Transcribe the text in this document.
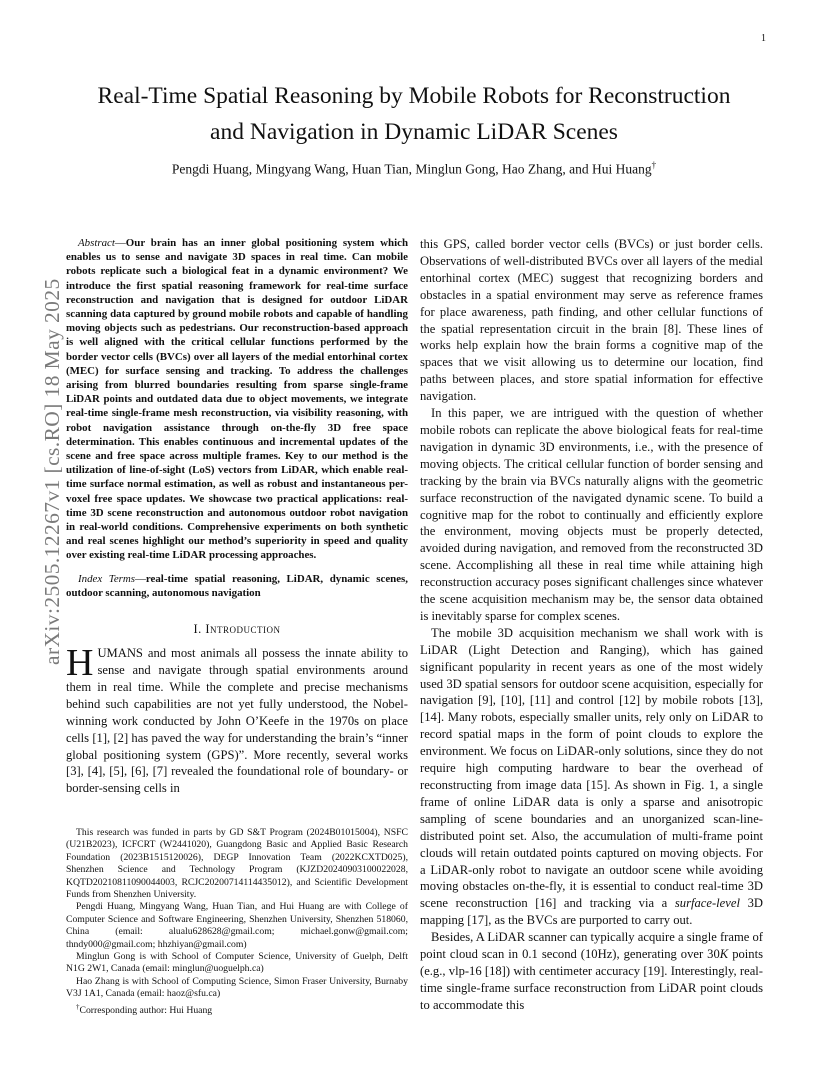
1
arXiv:2505.12267v1 [cs.RO] 18 May 2025
Real-Time Spatial Reasoning by Mobile Robots for Reconstruction
and Navigation in Dynamic LiDAR Scenes
Pengdi Huang, Mingyang Wang, Huan Tian, Minglun Gong, Hao Zhang, and Hui Huang†

Abstract—Our brain has an inner global positioning system which enables us to sense and navigate 3D spaces in real time. Can mobile robots replicate such a biological feat in a dynamic environment? We introduce the first spatial reasoning framework for real-time surface reconstruction and navigation that is designed for outdoor LiDAR scanning data captured by ground mobile robots and capable of handling moving objects such as pedestrians. Our reconstruction-based approach is well aligned with the critical cellular functions performed by the border vector cells (BVCs) over all layers of the medial entorhinal cortex (MEC) for surface sensing and tracking. To address the challenges arising from blurred boundaries resulting from sparse single-frame LiDAR points and outdated data due to object movements, we integrate real-time single-frame mesh reconstruction, via visibility reasoning, with robot navigation assistance through on-the-fly 3D free space determination. This enables continuous and incremental updates of the scene and free space across multiple frames. Key to our method is the utilization of line-of-sight (LoS) vectors from LiDAR, which enable real-time surface normal estimation, as well as robust and instantaneous per-voxel free space updates. We showcase two practical applications: real-time 3D scene reconstruction and autonomous outdoor robot navigation in real-world conditions. Comprehensive experiments on both synthetic and real scenes highlight our method’s superiority in speed and quality over existing real-time LiDAR processing approaches.

Index Terms—real-time spatial reasoning, LiDAR, dynamic scenes, outdoor scanning, autonomous navigation

I. Introduction

HUMANS and most animals all possess the innate ability to sense and navigate through spatial environments around them in real time. While the complete and precise mechanisms behind such capabilities are not yet fully understood, the Nobel-winning work conducted by John O’Keefe in the 1970s on place cells [1], [2] has paved the way for understanding the brain’s “inner global positioning system (GPS)”. More recently, several works [3], [4], [5], [6], [7] revealed the foundational role of boundary- or border-sensing cells in

This research was funded in parts by GD S&T Program (2024B01015004), NSFC (U21B2023), ICFCRT (W2441020), Guangdong Basic and Applied Basic Research Foundation (2023B1515120026), DEGP Innovation Team (2022KCXTD025), Shenzhen Science and Technology Program (KJZD20240903100022028, KQTD20210811090044003, RCJC20200714114435012), and Scientific Development Funds from Shenzhen University.

Pengdi Huang, Mingyang Wang, Huan Tian, and Hui Huang are with College of Computer Science and Software Engineering, Shenzhen University, Shenzhen 518060, China (email: alualu628628@gmail.com; michael.gonw@gmail.com; thndy000@gmail.com; hhzhiyan@gmail.com)

Minglun Gong is with School of Computer Science, University of Guelph, Delft N1G 2W1, Canada (email: minglun@uoguelph.ca)

Hao Zhang is with School of Computing Science, Simon Fraser University, Burnaby V3J 1A1, Canada (email: haoz@sfu.ca)

†Corresponding author: Hui Huang

this GPS, called border vector cells (BVCs) or just border cells. Observations of well-distributed BVCs over all layers of the medial entorhinal cortex (MEC) suggest that recognizing borders and obstacles in a spatial environment may serve as reference frames for place awareness, path finding, and other cellular functions of the spatial representation circuit in the brain [8]. These lines of works help explain how the brain forms a cognitive map of the spaces that we visit allowing us to determine our location, find paths between places, and store spatial information for effective navigation.

In this paper, we are intrigued with the question of whether mobile robots can replicate the above biological feats for real-time navigation in dynamic 3D environments, i.e., with the presence of moving objects. The critical cellular function of border sensing and tracking by the brain via BVCs naturally aligns with the geometric surface reconstruction of the navigated dynamic scene. To build a cognitive map for the robot to continually and efficiently explore the environment, moving objects must be properly detected, avoided during navigation, and removed from the reconstructed 3D scene. Accomplishing all these in real time while attaining high reconstruction accuracy poses significant challenges since whatever the scene acquisition mechanism may be, the sensor data obtained is inevitably sparse for complex scenes.

The mobile 3D acquisition mechanism we shall work with is LiDAR (Light Detection and Ranging), which has gained significant popularity in recent years as one of the most widely used 3D spatial sensors for outdoor scene acquisition, especially for navigation [9], [10], [11] and control [12] by mobile robots [13], [14]. Many robots, especially smaller units, rely only on LiDAR to record spatial maps in the form of point clouds to explore the environment. We focus on LiDAR-only solutions, since they do not require high computing hardware to bear the overhead of reconstructing from image data [15]. As shown in Fig. 1, a single frame of online LiDAR data is only a sparse and anisotropic sampling of scene boundaries and an unorganized scan-line-distributed point set. Also, the accumulation of multi-frame point clouds will retain outdated points captured on moving objects. For a LiDAR-only robot to navigate an outdoor scene while avoiding moving obstacles on-the-fly, it is essential to conduct real-time 3D scene reconstruction [16] and tracking via a surface-level 3D mapping [17], as the BVCs are purported to carry out.

Besides, A LiDAR scanner can typically acquire a single frame of point cloud scan in 0.1 second (10Hz), generating over 30K points (e.g., vlp-16 [18]) with centimeter accuracy [19]. Interestingly, real-time single-frame surface reconstruction from LiDAR point clouds to accommodate this
